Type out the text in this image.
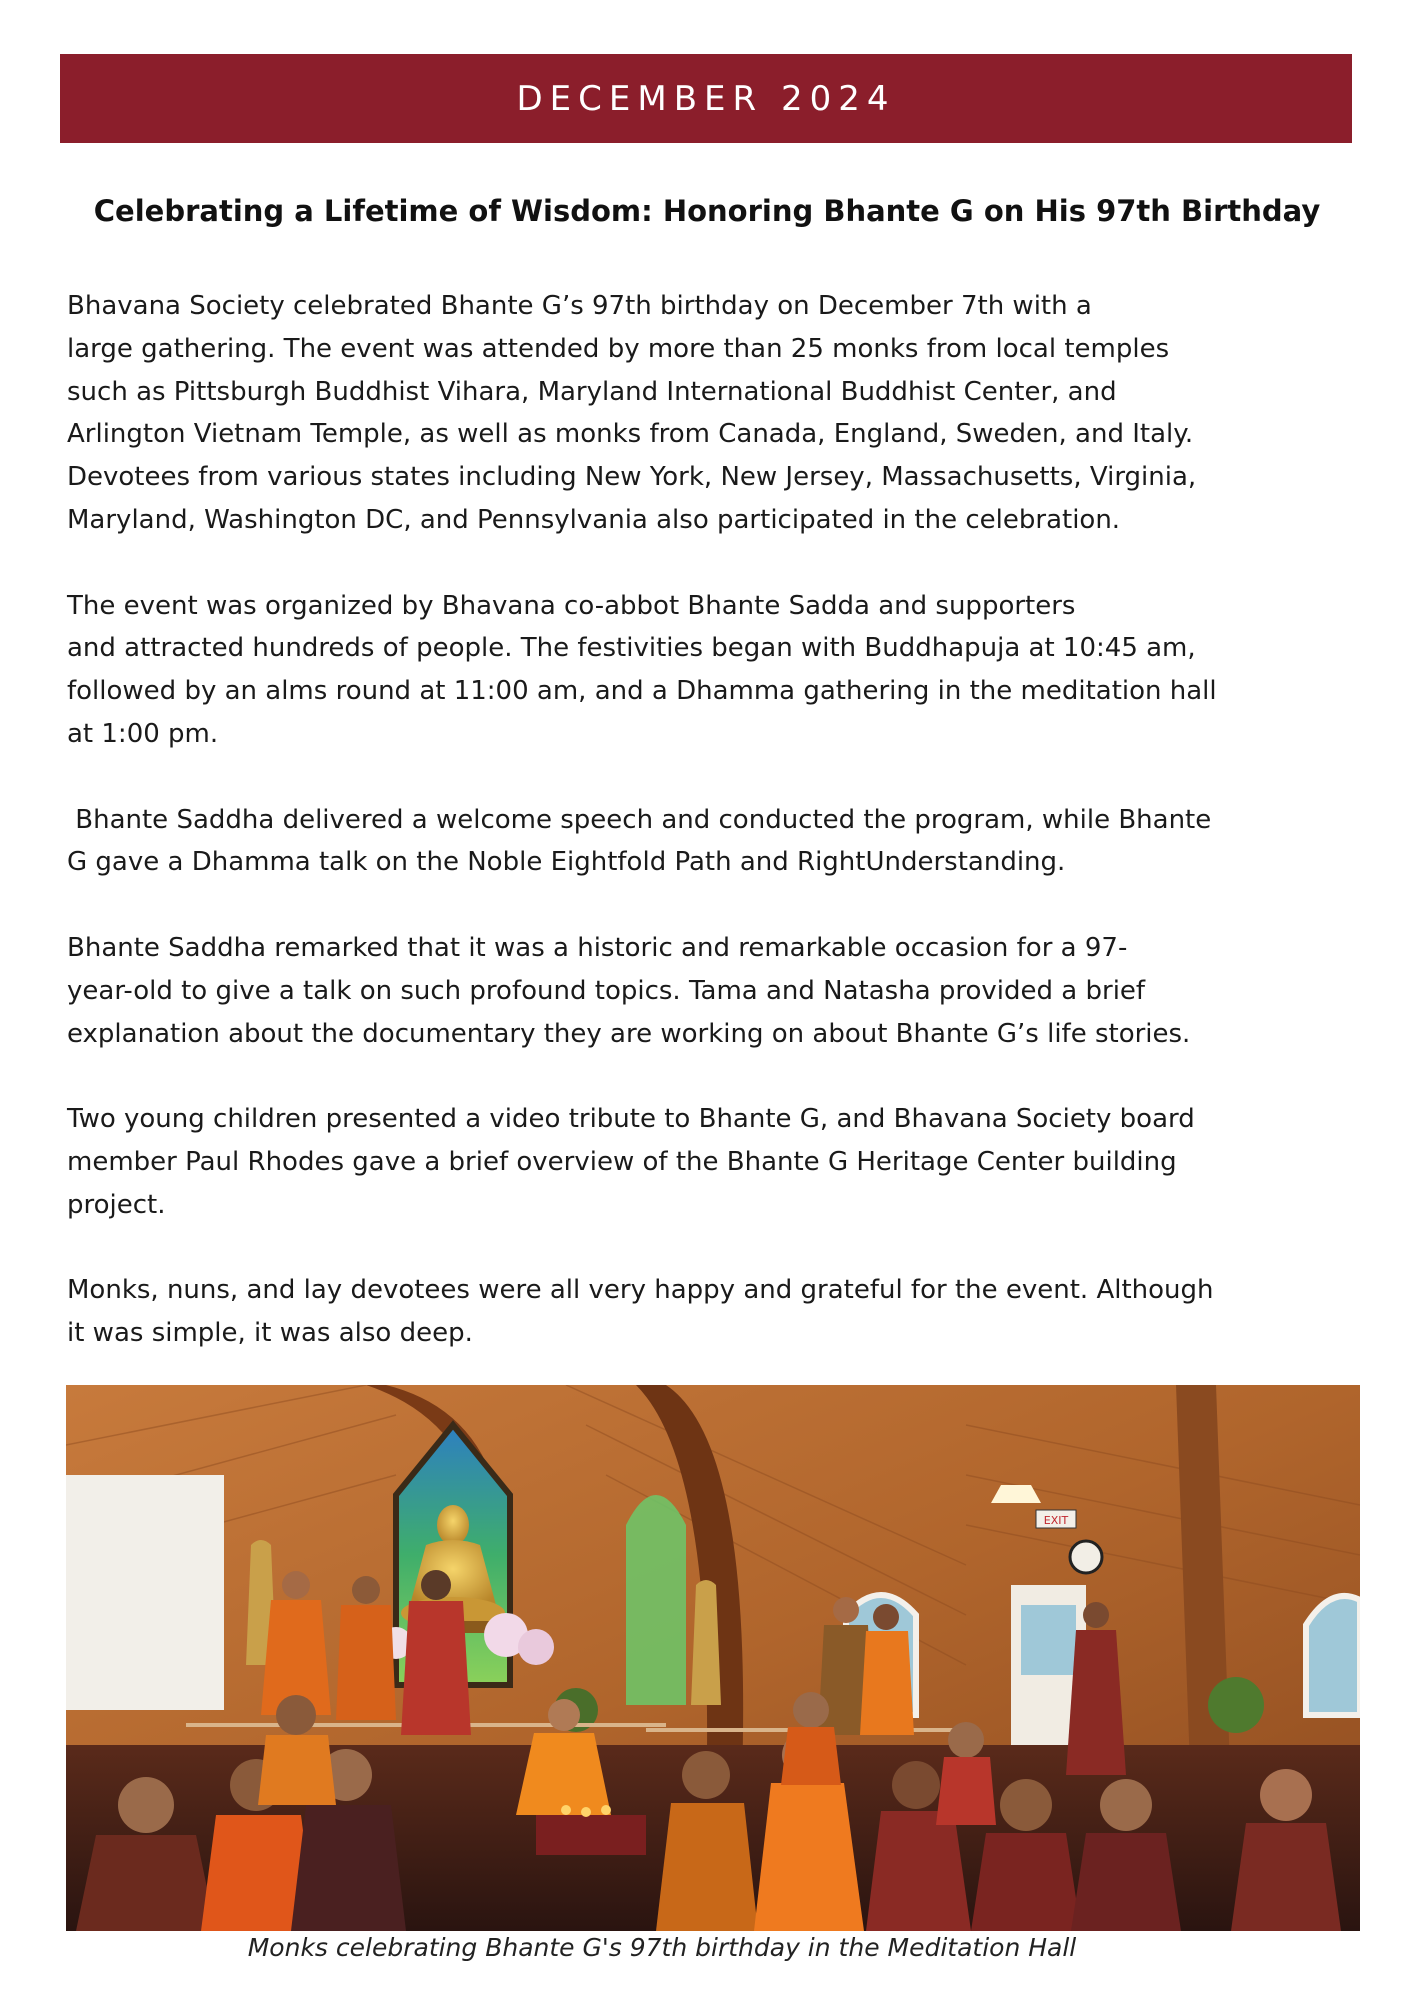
DECEMBER 2024
Celebrating a Lifetime of Wisdom: Honoring Bhante G on His 97th Birthday

Bhavana Society celebrated Bhante G’s 97th birthday on December 7th with a
large gathering. The event was attended by more than 25 monks from local temples
such as Pittsburgh Buddhist Vihara, Maryland International Buddhist Center, and
Arlington Vietnam Temple, as well as monks from Canada, England, Sweden, and Italy.
Devotees from various states including New York, New Jersey, Massachusetts, Virginia,
Maryland, Washington DC, and Pennsylvania also participated in the celebration.

The event was organized by Bhavana co-abbot Bhante Sadda and supporters
and attracted hundreds of people. The festivities began with Buddhapuja at 10:45 am,
followed by an alms round at 11:00 am, and a Dhamma gathering in the meditation hall
at 1:00 pm.

Bhante Saddha delivered a welcome speech and conducted the program, while Bhante
G gave a Dhamma talk on the Noble Eightfold Path and RightUnderstanding.

Bhante Saddha remarked that it was a historic and remarkable occasion for a 97-
year-old to give a talk on such profound topics. Tama and Natasha provided a brief
explanation about the documentary they are working on about Bhante G’s life stories.

Two young children presented a video tribute to Bhante G, and Bhavana Society board
member Paul Rhodes gave a brief overview of the Bhante G Heritage Center building
project.

Monks, nuns, and lay devotees were all very happy and grateful for the event. Although
it was simple, it was also deep.

EXIT
Monks celebrating Bhante G's 97th birthday in the Meditation Hall
